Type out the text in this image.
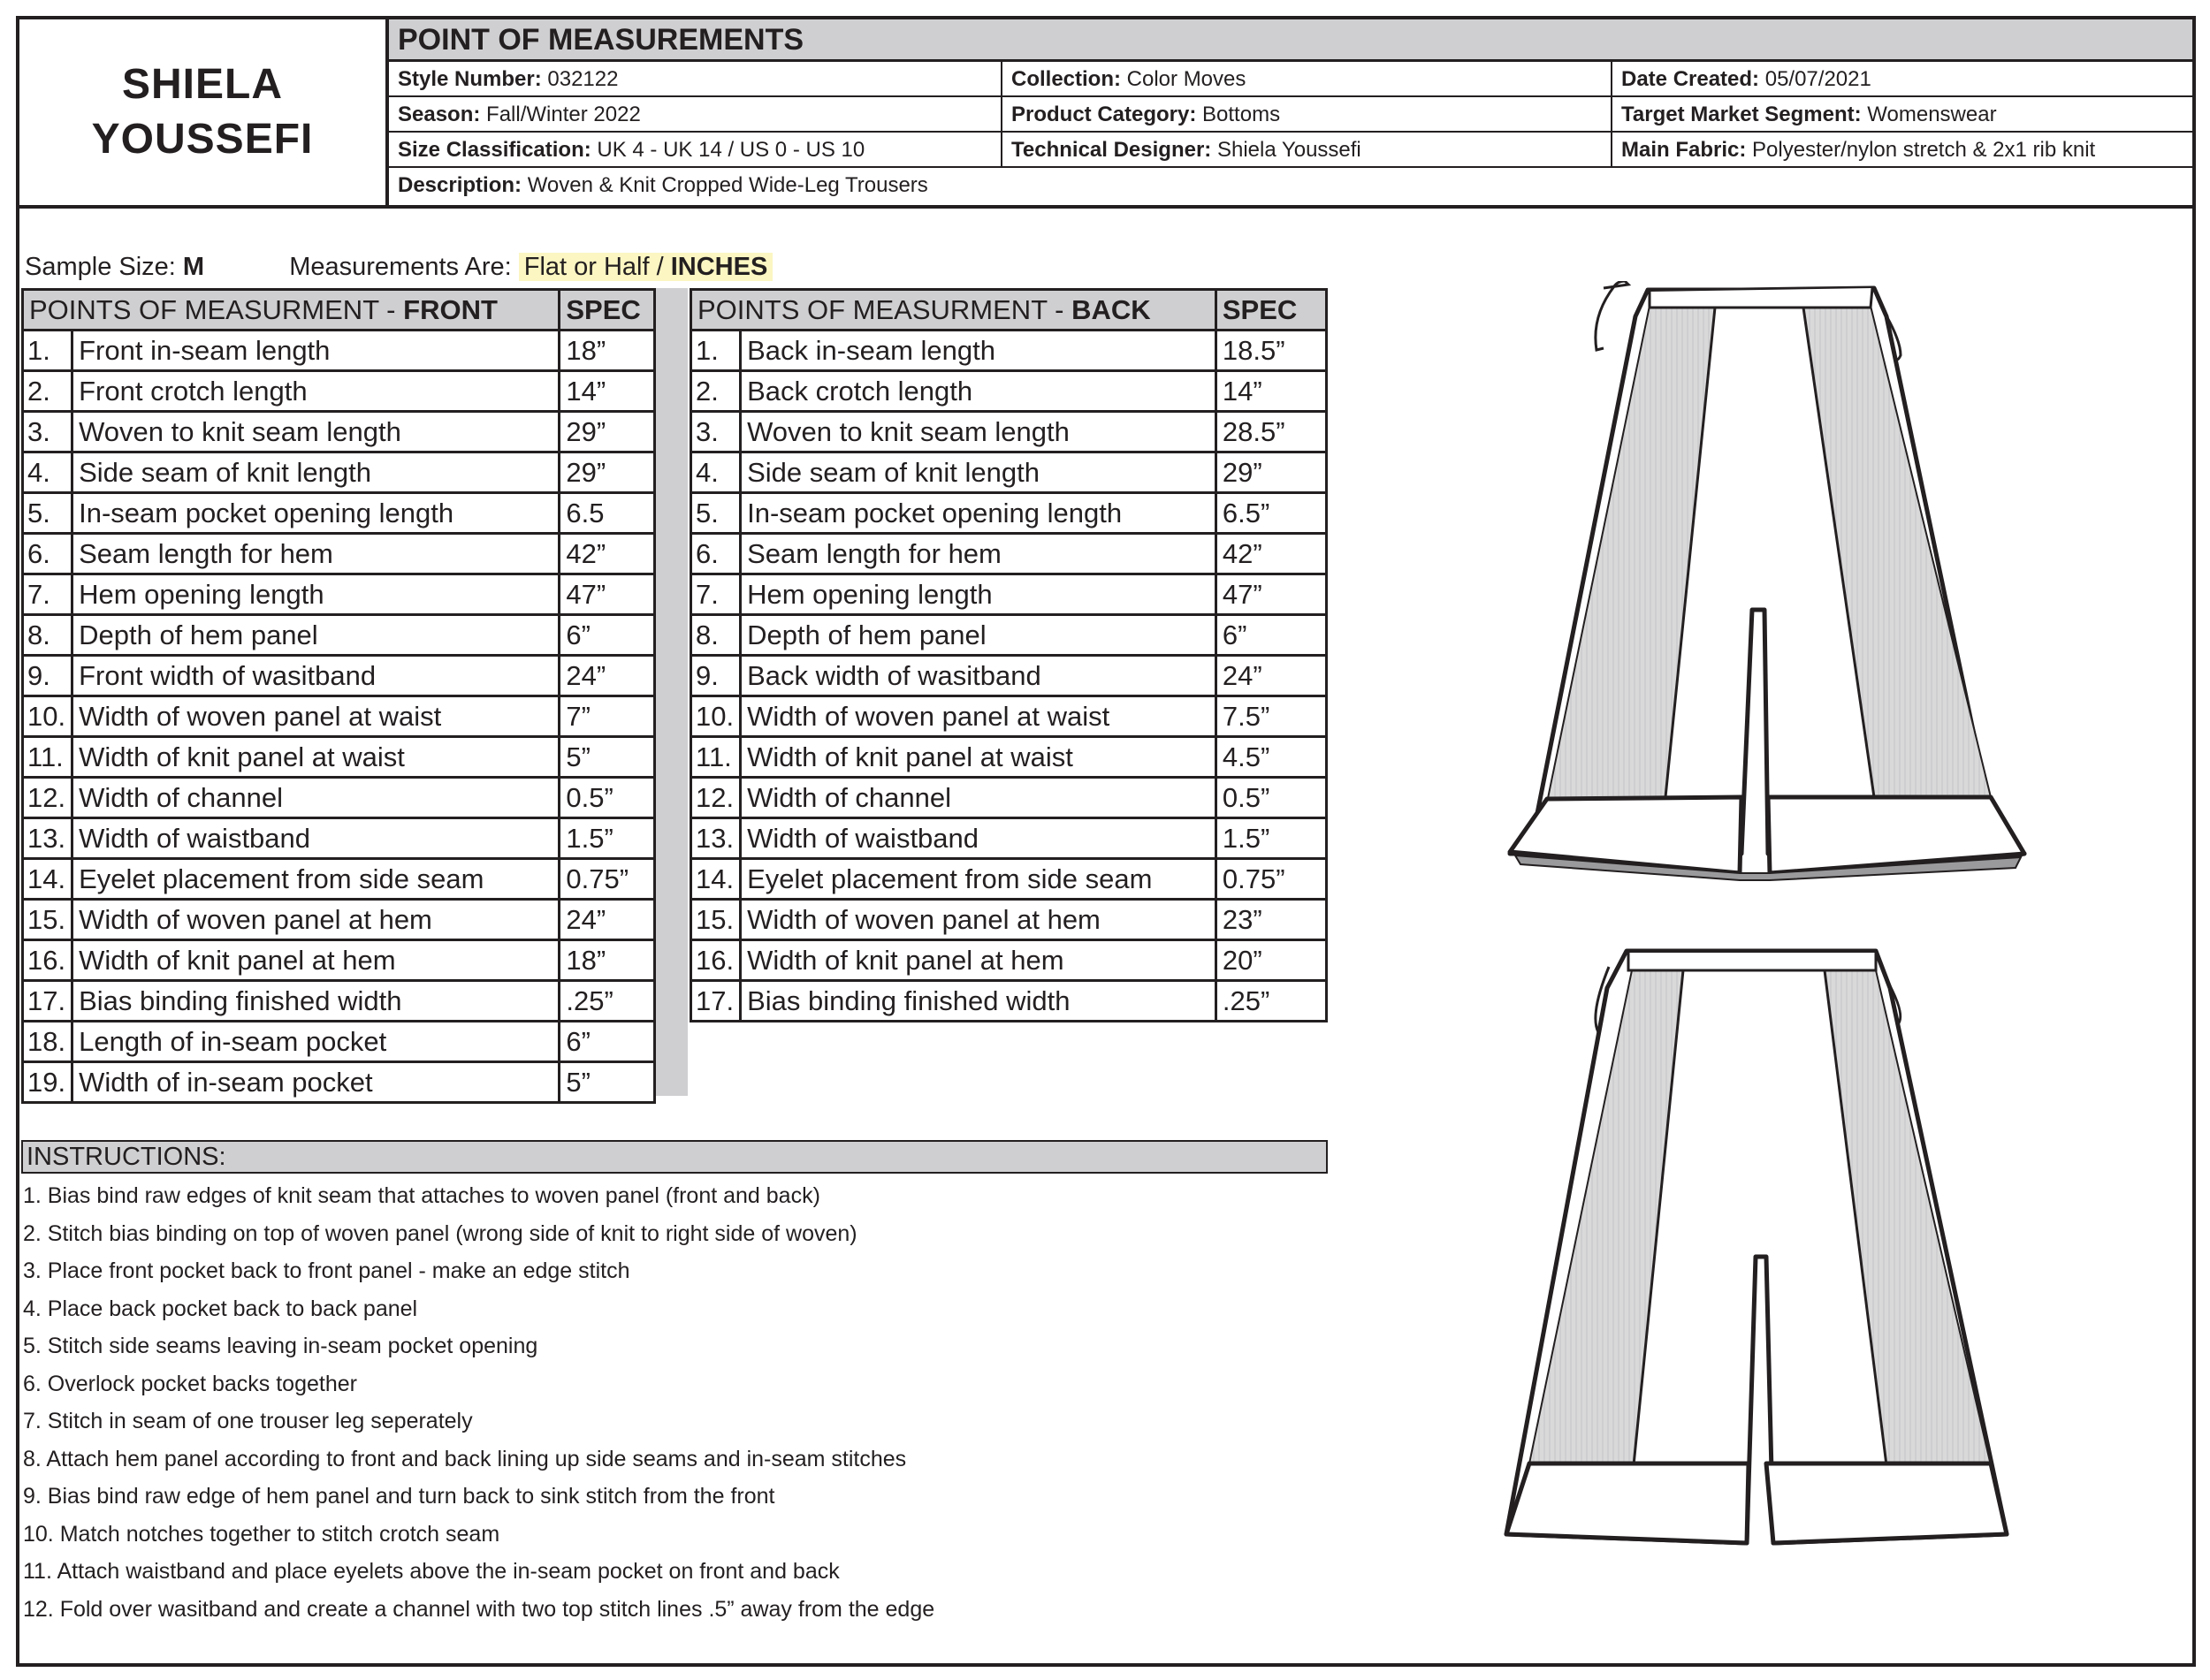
SHIELA
YOUSSEFI
POINT OF MEASUREMENTS
Style Number: 032122	Collection: Color Moves	Date Created: 05/07/2021
Season: Fall/Winter 2022	Product Category: Bottoms	Target Market Segment: Womenswear
Size Classification: UK 4 - UK 14 / US 0 - US 10	Technical Designer: Shiela Youssefi	Main Fabric: Polyester/nylon stretch & 2x1 rib knit
Description: Woven & Knit Cropped Wide-Leg Trousers
Sample Size: M	Measurements Are: Flat or Half / INCHES
POINTS OF MEASURMENT - FRONT		SPEC
1.	Front in-seam length	18”
2.	Front crotch length	14”
3.	Woven to knit seam length	29”
4.	Side seam of knit length	29”
5.	In-seam pocket opening length	6.5
6.	Seam length for hem	42”
7.	Hem opening length	47”
8.	Depth of hem panel	6”
9.	Front width of wasitband	24”
10.	Width of woven panel at waist	7”
11.	Width of knit panel at waist	5”
12.	Width of channel	0.5”
13.	Width of waistband	1.5”
14.	Eyelet placement from side seam	0.75”
15.	Width of woven panel at hem	24”
16.	Width of knit panel at hem	18”
17.	Bias binding finished width	.25”
18.	Length of in-seam pocket	6”
19.	Width of in-seam pocket	5”
POINTS OF MEASURMENT - BACK		SPEC
1.	Back in-seam length	18.5”
2.	Back crotch length	14”
3.	Woven to knit seam length	28.5”
4.	Side seam of knit length	29”
5.	In-seam pocket opening length	6.5”
6.	Seam length for hem	42”
7.	Hem opening length	47”
8.	Depth of hem panel	6”
9.	Back width of wasitband	24”
10.	Width of woven panel at waist	7.5”
11.	Width of knit panel at waist	4.5”
12.	Width of channel	0.5”
13.	Width of waistband	1.5”
14.	Eyelet placement from side seam	0.75”
15.	Width of woven panel at hem	23”
16.	Width of knit panel at hem	20”
17.	Bias binding finished width	.25”
INSTRUCTIONS:
1. Bias bind raw edges of knit seam that attaches to woven panel (front and back)
2. Stitch bias binding on top of woven panel (wrong side of knit to right side of woven)
3. Place front pocket back to front panel - make an edge stitch
4. Place back pocket back to back panel
5. Stitch side seams leaving in-seam pocket opening
6. Overlock pocket backs together
7. Stitch in seam of one trouser leg seperately
8. Attach hem panel according to front and back lining up side seams and in-seam stitches
9. Bias bind raw edge of hem panel and turn back to sink stitch from the front
10. Match notches together to stitch crotch seam
11. Attach waistband and place eyelets above the in-seam pocket on front and back
12. Fold over wasitband and create a channel with two top stitch lines .5” away from the edge
